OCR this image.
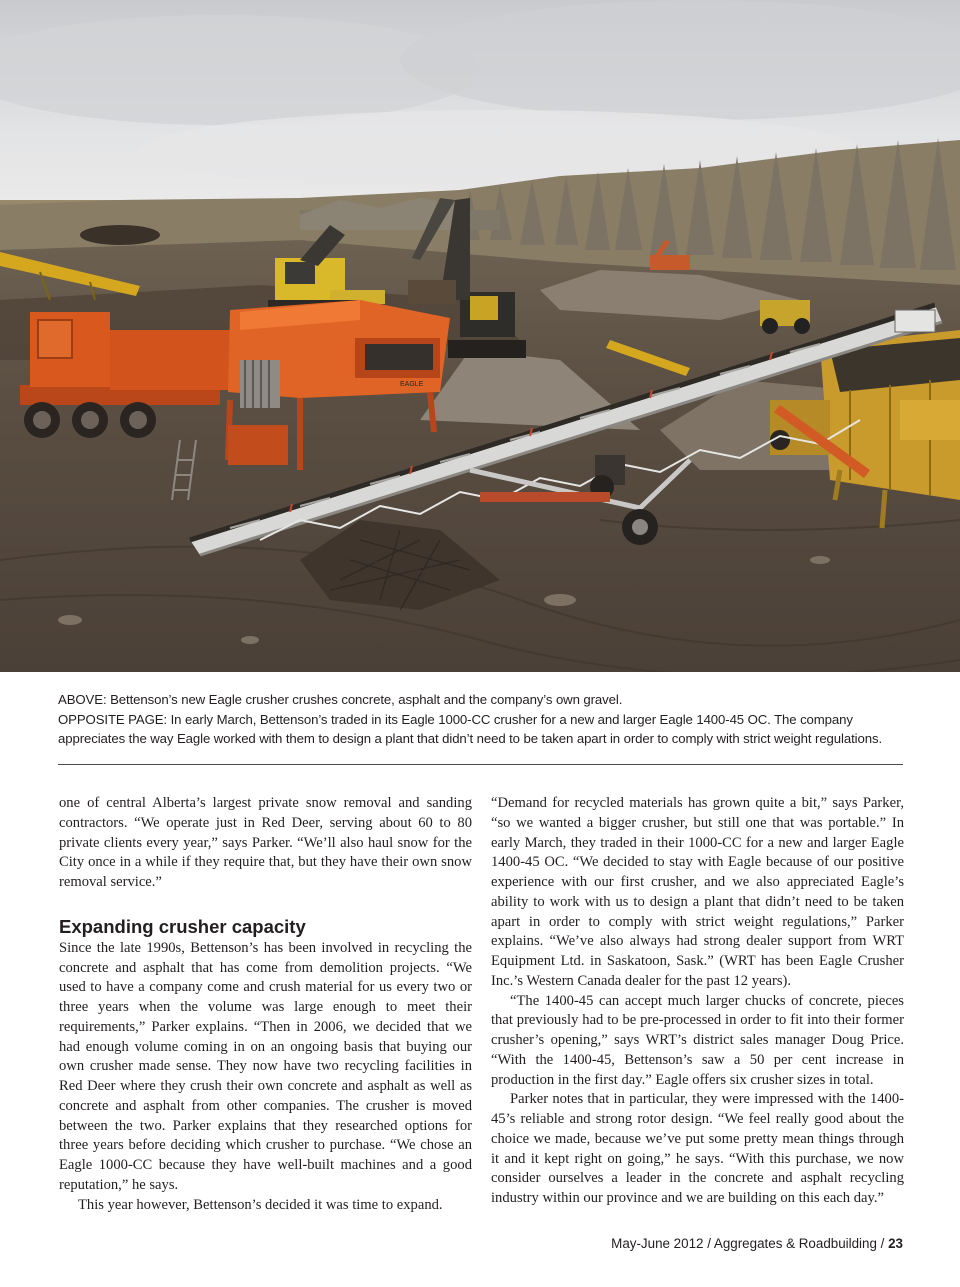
EAGLE

ABOVE: Bettenson’s new Eagle crusher crushes concrete, asphalt and the company’s own gravel.

OPPOSITE PAGE: In early March, Bettenson’s traded in its Eagle 1000-CC crusher for a new and larger Eagle 1400-45 OC. The company appreciates the way Eagle worked with them to design a plant that didn’t need to be taken apart in order to comply with strict weight regulations.

one of central Alberta’s largest private snow removal and sanding contractors. “We operate just in Red Deer, serving about 60 to 80 private clients every year,” says Parker. “We’ll also haul snow for the City once in a while if they require that, but they have their own snow removal service.”

Expanding crusher capacity

Since the late 1990s, Bettenson’s has been involved in recycling the concrete and asphalt that has come from demolition projects. “We used to have a company come and crush material for us every two or three years when the volume was large enough to meet their requirements,” Parker explains. “Then in 2006, we decided that we had enough volume coming in on an ongoing basis that buying our own crusher made sense. They now have two recycling facilities in Red Deer where they crush their own concrete and asphalt as well as concrete and asphalt from other companies. The crusher is moved between the two. Parker explains that they researched options for three years before deciding which crusher to purchase. “We chose an Eagle 1000-CC because they have well-built machines and a good reputation,” he says.

This year however, Bettenson’s decided it was time to expand.

“Demand for recycled materials has grown quite a bit,” says Parker, “so we wanted a bigger crusher, but still one that was portable.” In early March, they traded in their 1000-CC for a new and larger Eagle 1400-45 OC. “We decided to stay with Eagle because of our positive experience with our first crusher, and we also appreciated Eagle’s ability to work with us to design a plant that didn’t need to be taken apart in order to comply with strict weight regulations,” Parker explains. “We’ve also always had strong dealer support from WRT Equipment Ltd. in Saskatoon, Sask.” (WRT has been Eagle Crusher Inc.’s Western Canada dealer for the past 12 years).

“The 1400-45 can accept much larger chucks of concrete, pieces that previously had to be pre-processed in order to fit into their former crusher’s opening,” says WRT’s district sales manager Doug Price. “With the 1400-45, Bettenson’s saw a 50 per cent increase in production in the first day.” Eagle offers six crusher sizes in total.

Parker notes that in particular, they were impressed with the 1400-45’s reliable and strong rotor design. “We feel really good about the choice we made, because we’ve put some pretty mean things through it and it kept right on going,” he says. “With this purchase, we now consider ourselves a leader in the concrete and asphalt recycling industry within our province and we are building on this each day.”

May-June 2012 / Aggregates & Roadbuilding / 23
